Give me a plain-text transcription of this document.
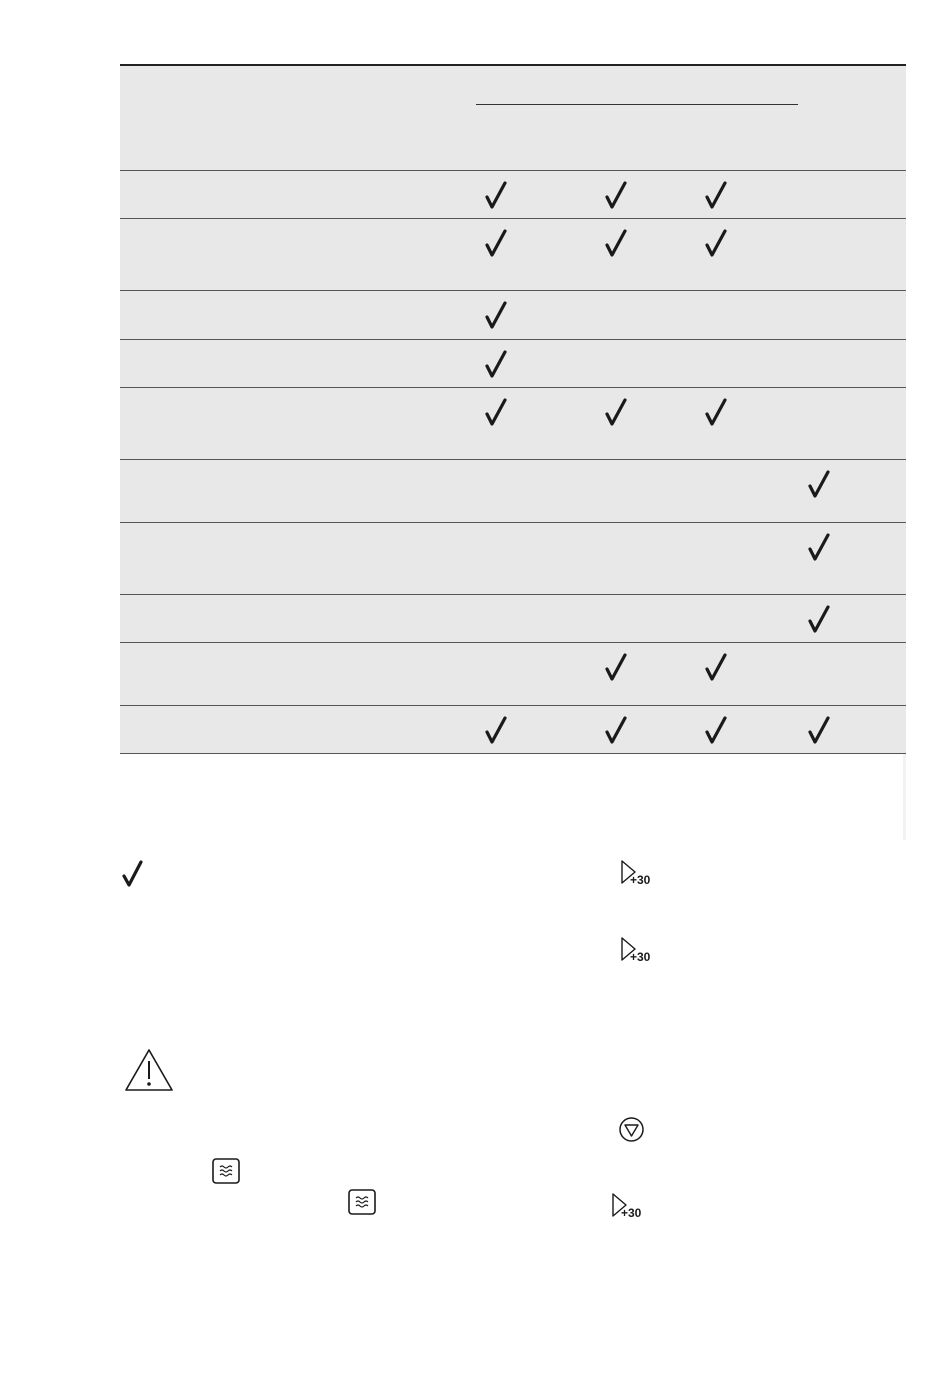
+30
+30
+30
